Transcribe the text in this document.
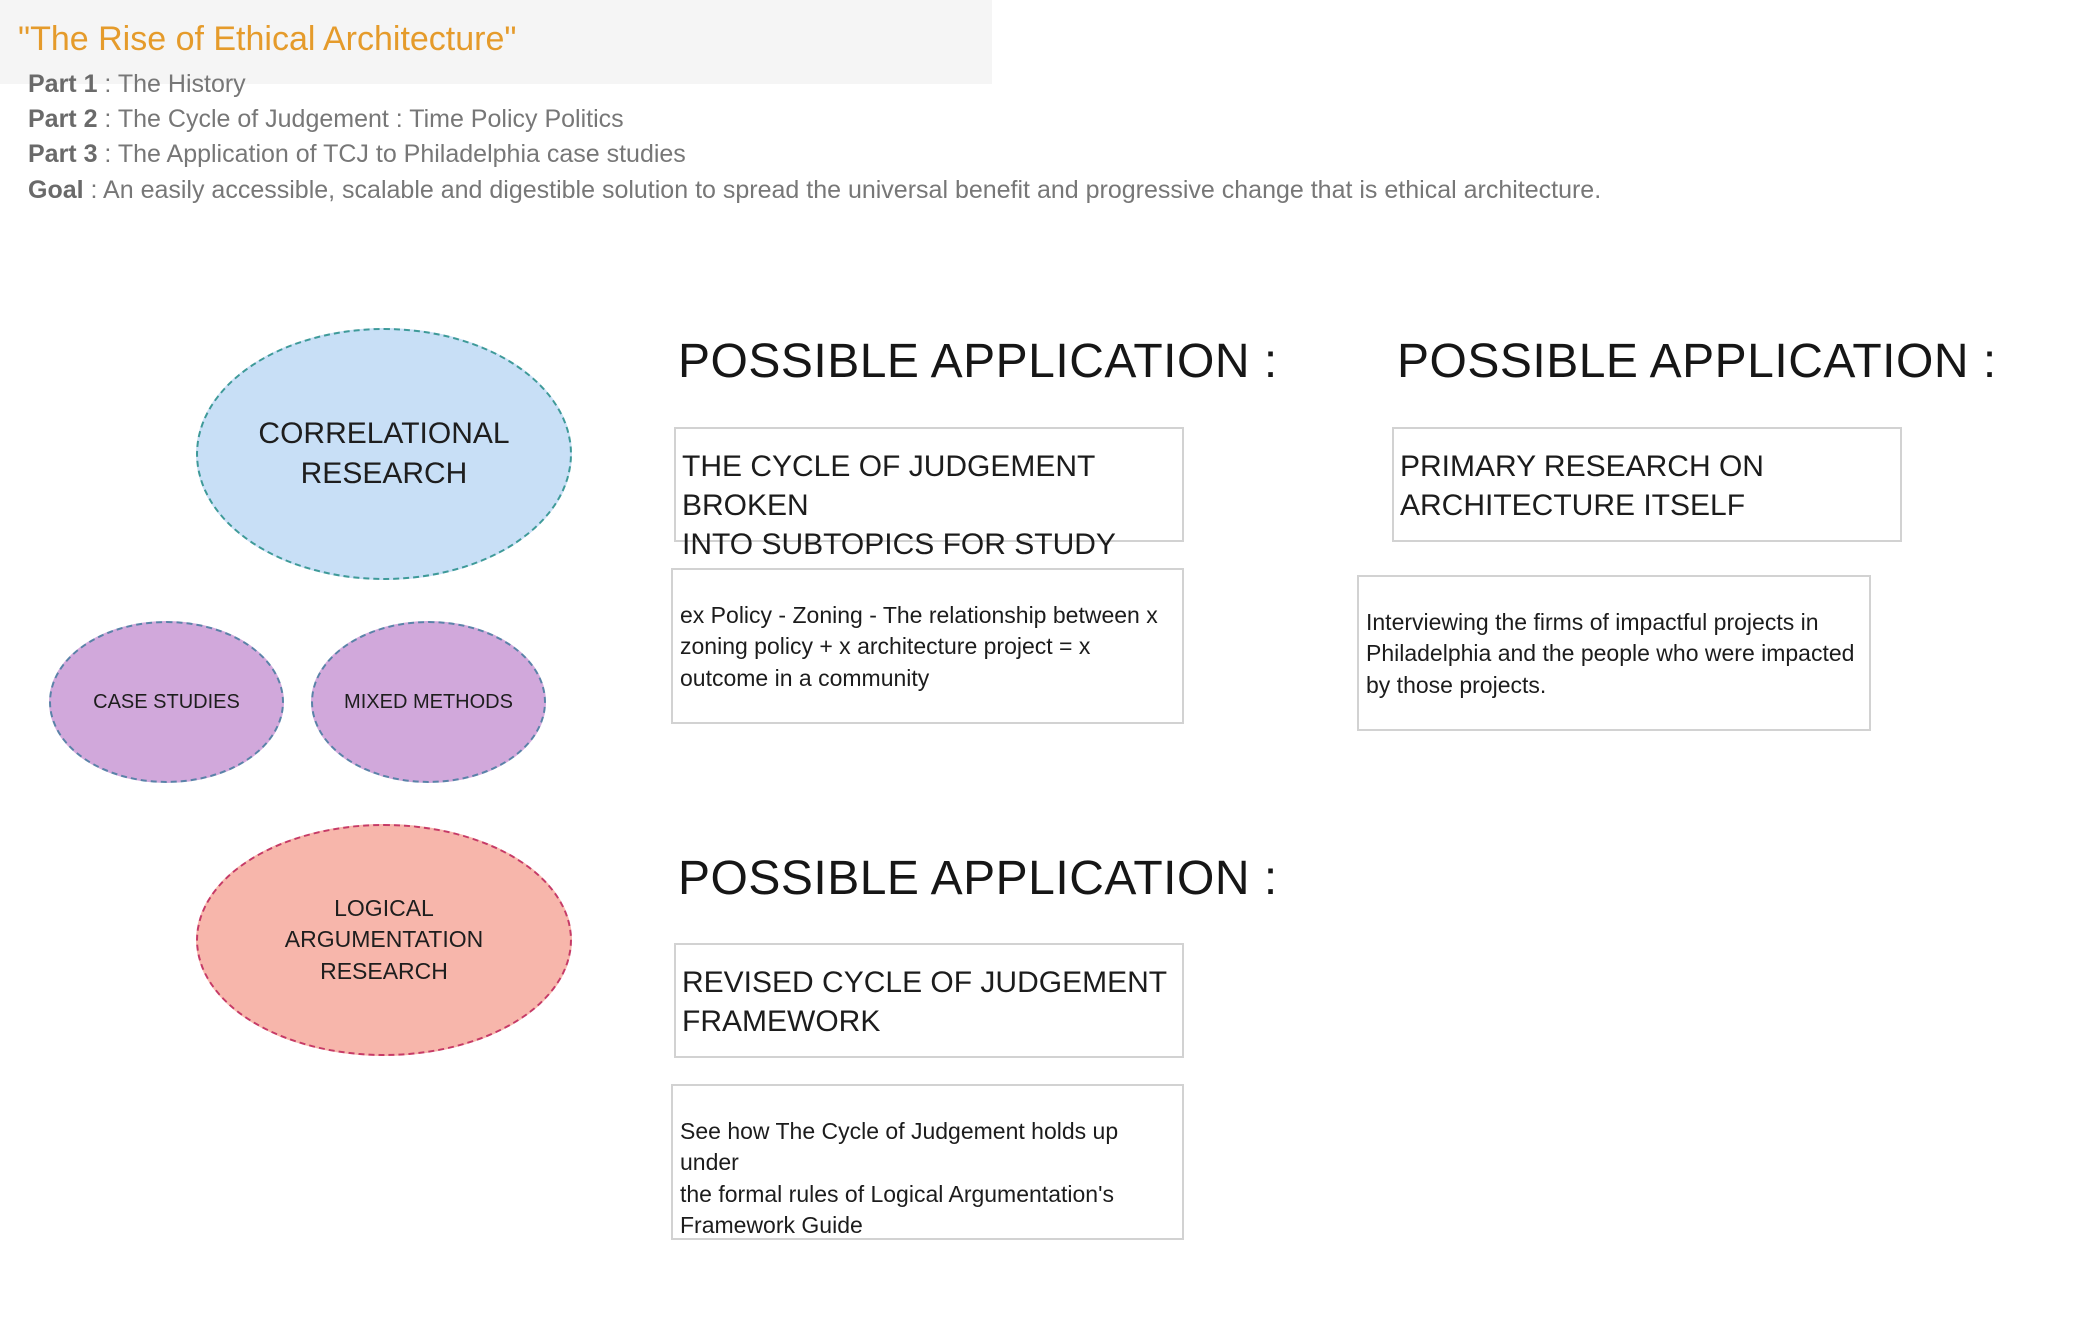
"The Rise of Ethical Architecture"
Part 1 : The History
Part 2 : The Cycle of Judgement : Time Policy Politics
Part 3 : The Application of TCJ to Philadelphia case studies
Goal : An easily accessible, scalable and digestible solution to spread the universal benefit and progressive change that is ethical architecture.
CORRELATIONAL
RESEARCH
CASE STUDIES	MIXED METHODS
LOGICAL
ARGUMENTATION
RESEARCH
POSSIBLE APPLICATION :
THE CYCLE OF JUDGEMENT BROKEN
INTO SUBTOPICS FOR STUDY
ex Policy - Zoning - The relationship between x
zoning policy + x architecture project = x
outcome in a community
POSSIBLE APPLICATION :
PRIMARY RESEARCH ON
ARCHITECTURE ITSELF
Interviewing the firms of impactful projects in
Philadelphia and the people who were impacted
by those projects.
POSSIBLE APPLICATION :
REVISED CYCLE OF JUDGEMENT
FRAMEWORK
See how The Cycle of Judgement holds up under
the formal rules of Logical Argumentation's
Framework Guide
